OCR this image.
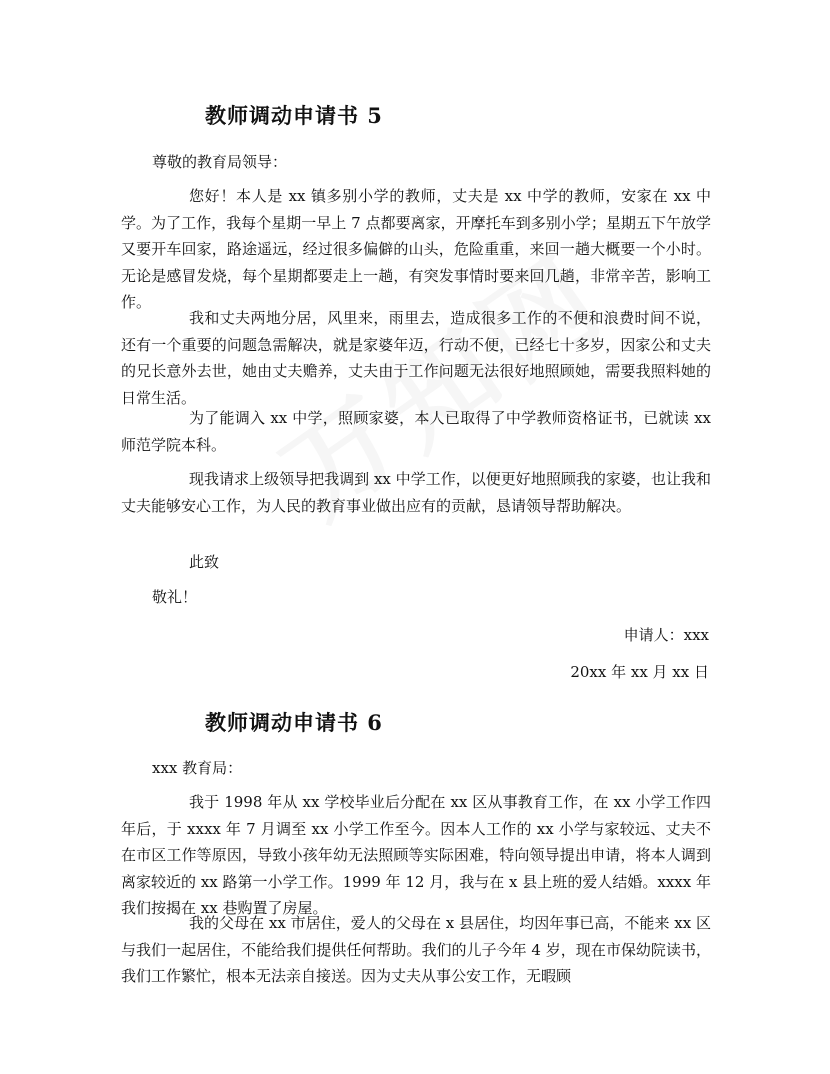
教师调动申请书 5
尊敬的教育局领导：
您好！本人是 xx 镇多别小学的教师，丈夫是 xx 中学的教师，安家在 xx 中学。为了工作，我每个星期一早上 7 点都要离家，开摩托车到多别小学；星期五下午放学又要开车回家，路途遥远，经过很多偏僻的山头，危险重重，来回一趟大概要一个小时。无论是感冒发烧，每个星期都要走上一趟，有突发事情时要来回几趟，非常辛苦，影响工作。
我和丈夫两地分居，风里来，雨里去，造成很多工作的不便和浪费时间不说，还有一个重要的问题急需解决，就是家婆年迈，行动不便，已经七十多岁，因家公和丈夫的兄长意外去世，她由丈夫赡养，丈夫由于工作问题无法很好地照顾她，需要我照料她的日常生活。
为了能调入 xx 中学，照顾家婆，本人已取得了中学教师资格证书，已就读 xx 师范学院本科。
现我请求上级领导把我调到 xx 中学工作，以便更好地照顾我的家婆，也让我和丈夫能够安心工作，为人民的教育事业做出应有的贡献，恳请领导帮助解决。
此致
敬礼！
申请人：xxx
20xx 年 xx 月 xx 日
教师调动申请书 6
xxx 教育局：
我于 1998 年从 xx 学校毕业后分配在 xx 区从事教育工作，在 xx 小学工作四年后，于 xxxx 年 7 月调至 xx 小学工作至今。因本人工作的 xx 小学与家较远、丈夫不在市区工作等原因，导致小孩年幼无法照顾等实际困难，特向领导提出申请，将本人调到离家较近的 xx 路第一小学工作。1999 年 12 月，我与在 x 县上班的爱人结婚。xxxx 年我们按揭在 xx 巷购置了房屋。
我的父母在 xx 市居住，爱人的父母在 x 县居住，均因年事已高，不能来 xx 区与我们一起居住，不能给我们提供任何帮助。我们的儿子今年 4 岁，现在市保幼院读书，我们工作繁忙，根本无法亲自接送。因为丈夫从事公安工作，无暇顾
